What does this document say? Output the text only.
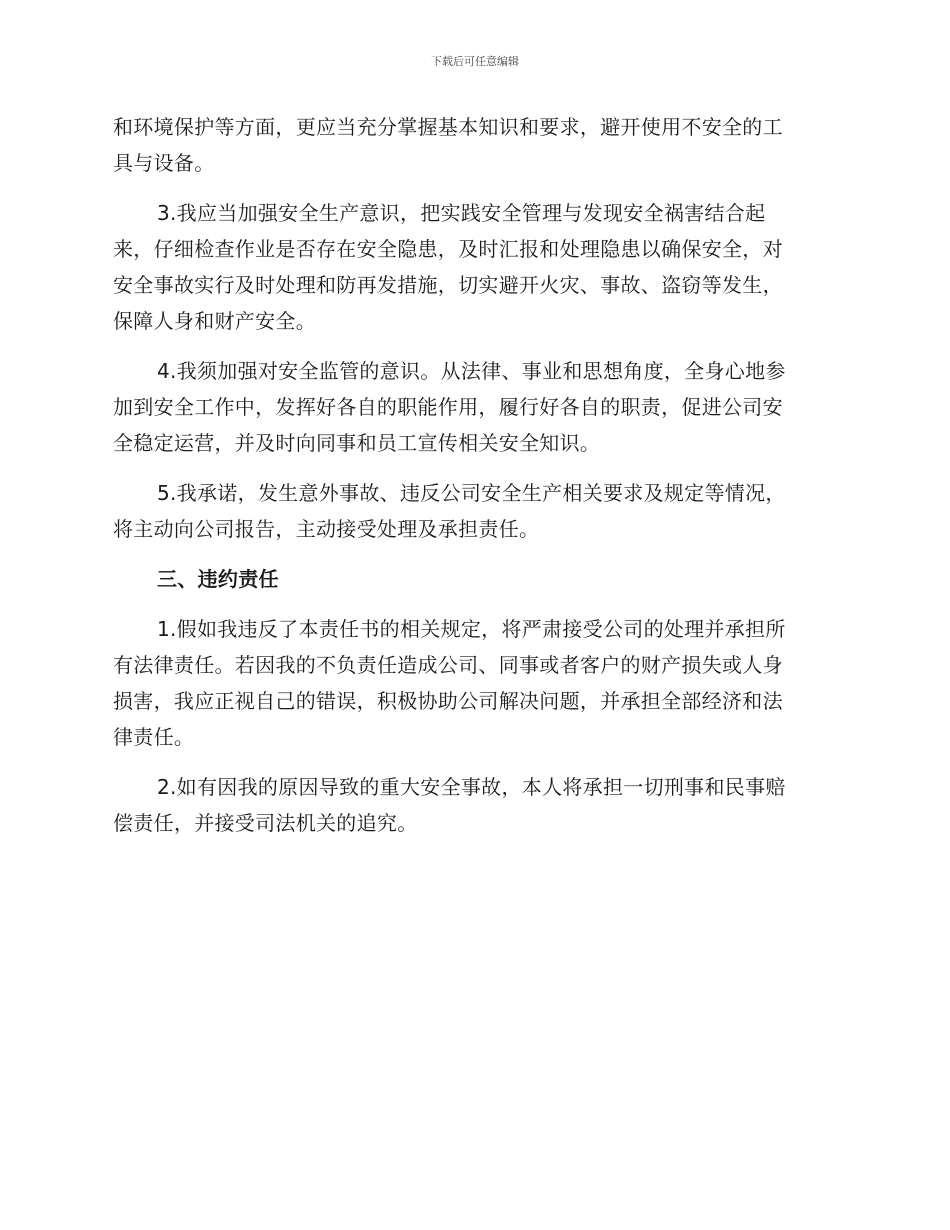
下载后可任意编辑
和环境保护等方面，更应当充分掌握基本知识和要求，避开使用不安全的工
具与设备。
3.我应当加强安全生产意识，把实践安全管理与发现安全祸害结合起
来，仔细检查作业是否存在安全隐患，及时汇报和处理隐患以确保安全，对
安全事故实行及时处理和防再发措施，切实避开火灾、事故、盗窃等发生，
保障人身和财产安全。
4.我须加强对安全监管的意识。从法律、事业和思想角度，全身心地参
加到安全工作中，发挥好各自的职能作用，履行好各自的职责，促进公司安
全稳定运营，并及时向同事和员工宣传相关安全知识。
5.我承诺，发生意外事故、违反公司安全生产相关要求及规定等情况，
将主动向公司报告，主动接受处理及承担责任。
三、违约责任
1.假如我违反了本责任书的相关规定，将严肃接受公司的处理并承担所
有法律责任。若因我的不负责任造成公司、同事或者客户的财产损失或人身
损害，我应正视自己的错误，积极协助公司解决问题，并承担全部经济和法
律责任。
2.如有因我的原因导致的重大安全事故，本人将承担一切刑事和民事赔
偿责任，并接受司法机关的追究。
